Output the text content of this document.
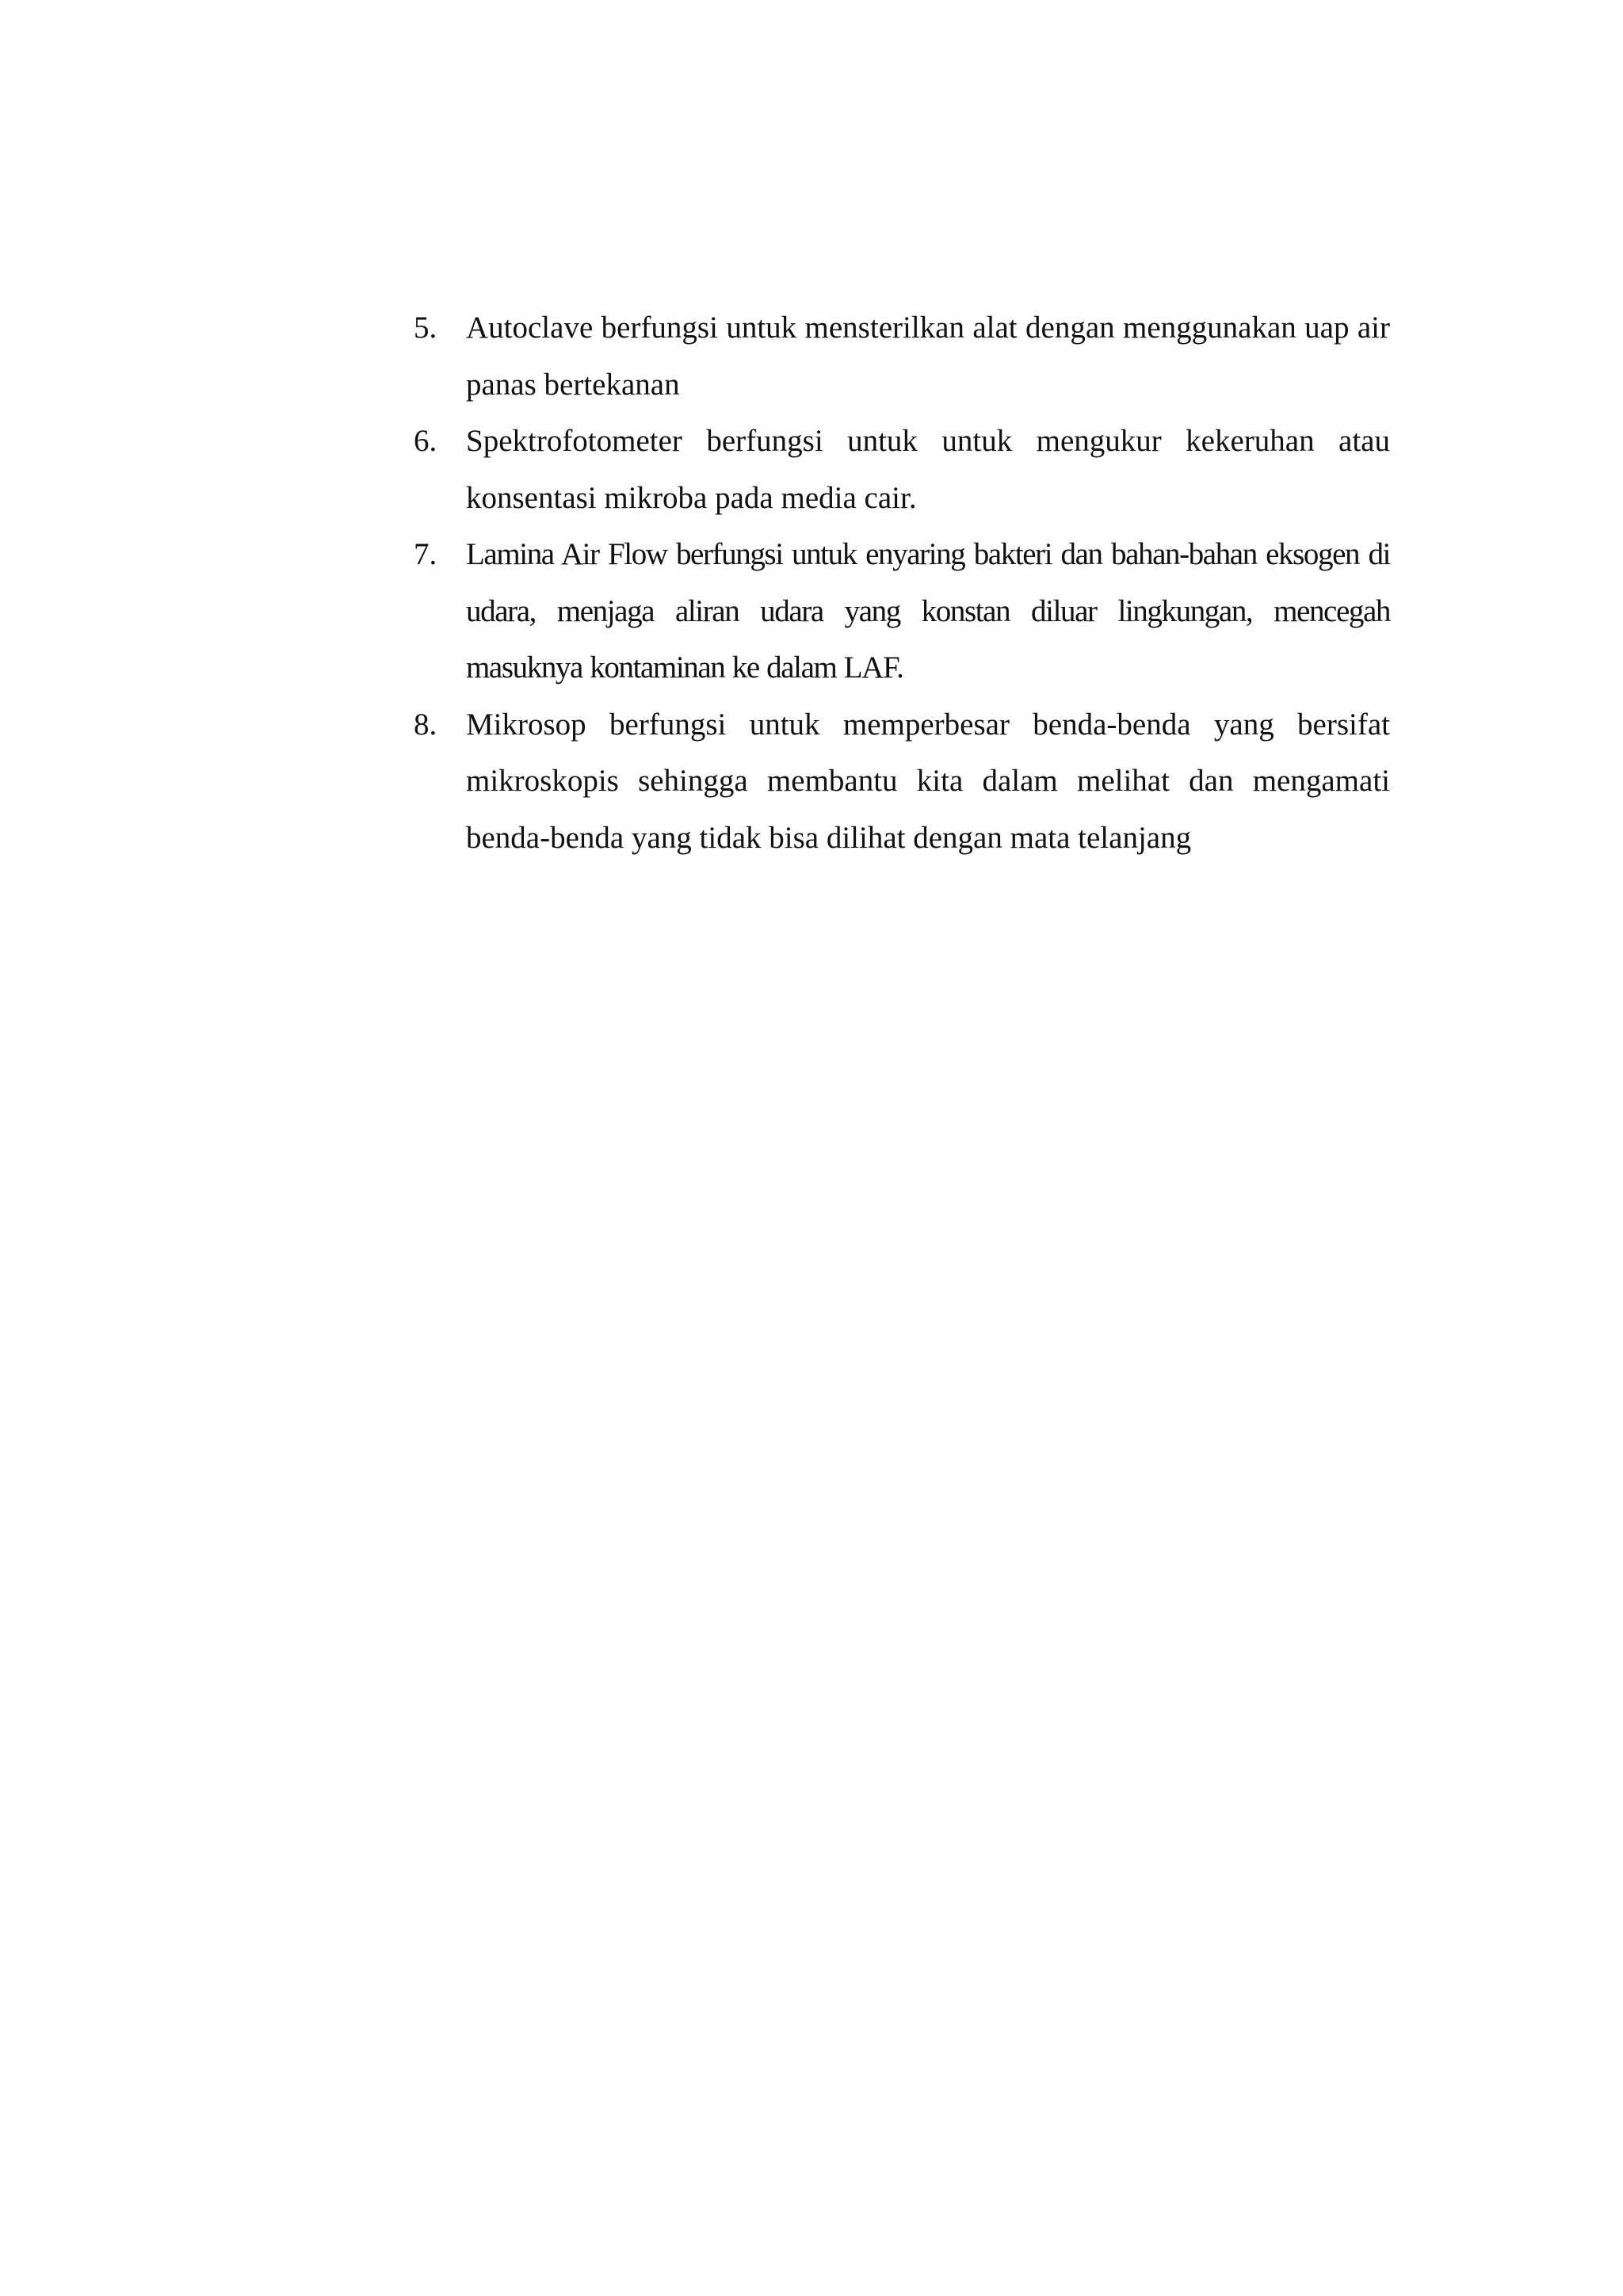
5. Autoclave berfungsi untuk mensterilkan alat dengan menggunakan uap air panas bertekanan
6. Spektrofotometer berfungsi untuk untuk mengukur kekeruhan atau konsentasi mikroba pada media cair.
7. Lamina Air Flow berfungsi untuk enyaring bakteri dan bahan-bahan eksogen di udara, menjaga aliran udara yang konstan diluar lingkungan, mencegah masuknya kontaminan ke dalam LAF.
8. Mikrosop berfungsi untuk memperbesar benda-benda yang bersifat mikroskopis sehingga membantu kita dalam melihat dan mengamati benda-benda yang tidak bisa dilihat dengan mata telanjang
